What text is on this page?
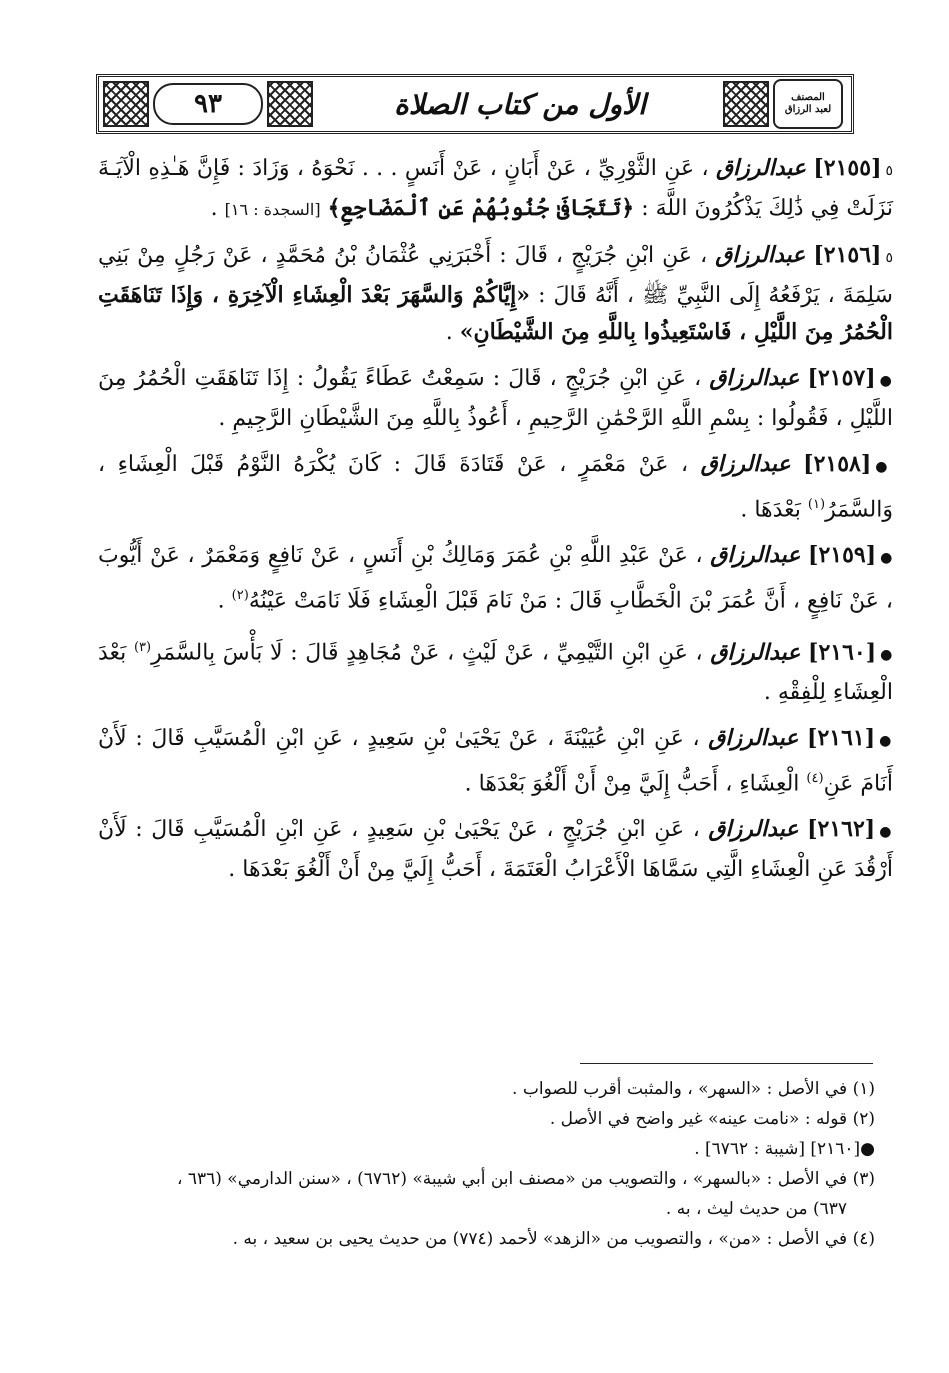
٩٣	الأول من كتاب الصلاة	المصنف
لعبد الرزاق

٥[٢١٥٥] عبدالرزاق ، عَنِ الثَّوْرِيِّ ، عَنْ أَبَانٍ ، عَنْ أَنَسٍ . . . نَحْوَهُ ، وَزَادَ : فَإِنَّ هَـٰذِهِ الْآيَـةَ نَزَلَتْ فِي ذَٰلِكَ يَذْكُرُونَ اللَّهَ : ﴿تَتَجَافَىٰ جُنُوبُهُمْ عَنِ ٱلْمَضَاجِعِ﴾ [السجدة : ١٦] .

٥[٢١٥٦] عبدالرزاق ، عَنِ ابْنِ جُرَيْجٍ ، قَالَ : أَخْبَرَنِي عُثْمَانُ بْنُ مُحَمَّدٍ ، عَنْ رَجُلٍ مِنْ بَنِي سَلِمَةَ ، يَرْفَعُهُ إِلَى النَّبِيِّ ﷺ ، أَنَّهُ قَالَ : «إِيَّاكُمْ وَالسَّهَرَ بَعْدَ الْعِشَاءِ الْآخِرَةِ ، وَإِذَا تَنَاهَقَتِ الْحُمُرُ مِنَ اللَّيْلِ ، فَاسْتَعِيذُوا بِاللَّهِ مِنَ الشَّيْطَانِ» .

●[٢١٥٧] عبدالرزاق ، عَنِ ابْنِ جُرَيْجٍ ، قَالَ : سَمِعْتُ عَطَاءً يَقُولُ : إِذَا تَنَاهَقَتِ الْحُمُرُ مِنَ اللَّيْلِ ، فَقُولُوا : بِسْمِ اللَّهِ الرَّحْمَٰنِ الرَّحِيمِ ، أَعُوذُ بِاللَّهِ مِنَ الشَّيْطَانِ الرَّجِيمِ .

●[٢١٥٨] عبدالرزاق ، عَنْ مَعْمَرٍ ، عَنْ قَتَادَةَ قَالَ : كَانَ يُكْرَهُ النَّوْمُ قَبْلَ الْعِشَاءِ ، وَالسَّمَرُ$^{(١)}$ بَعْدَهَا .

●[٢١٥٩] عبدالرزاق ، عَنْ عَبْدِ اللَّهِ بْنِ عُمَرَ وَمَالِكُ بْنِ أَنَسٍ ، عَنْ نَافِعٍ وَمَعْمَرٌ ، عَنْ أَيُّوبَ ، عَنْ نَافِعٍ ، أَنَّ عُمَرَ بْنَ الْخَطَّابِ قَالَ : مَنْ نَامَ قَبْلَ الْعِشَاءِ فَلَا نَامَتْ عَيْنُهُ$^{(٢)}$ .

●[٢١٦٠] عبدالرزاق ، عَنِ ابْنِ التَّيْمِيِّ ، عَنْ لَيْثٍ ، عَنْ مُجَاهِدٍ قَالَ : لَا بَأْسَ بِالسَّمَرِ$^{(٣)}$ بَعْدَ الْعِشَاءِ لِلْفِقْهِ .

●[٢١٦١] عبدالرزاق ، عَنِ ابْنِ عُيَيْنَةَ ، عَنْ يَحْيَىٰ بْنِ سَعِيدٍ ، عَنِ ابْنِ الْمُسَيَّبِ قَالَ : لَأَنْ أَنَامَ عَنِ$^{(٤)}$ الْعِشَاءِ ، أَحَبُّ إِلَيَّ مِنْ أَنْ أَلْغُوَ بَعْدَهَا .

●[٢١٦٢] عبدالرزاق ، عَنِ ابْنِ جُرَيْجٍ ، عَنْ يَحْيَىٰ بْنِ سَعِيدٍ ، عَنِ ابْنِ الْمُسَيَّبِ قَالَ : لَأَنْ أَرْقُدَ عَنِ الْعِشَاءِ الَّتِي سَمَّاهَا الْأَعْرَابُ الْعَتَمَةَ ، أَحَبُّ إِلَيَّ مِنْ أَنْ أَلْغُوَ بَعْدَهَا .

(١) في الأصل : «السهر» ، والمثبت أقرب للصواب .

(٢) قوله : «نامت عينه» غير واضح في الأصل .

●[٢١٦٠] [شيبة : ٦٧٦٢] .

(٣) في الأصل : «بالسهر» ، والتصويب من «مصنف ابن أبي شيبة» (٦٧٦٢) ، «سنن الدارمي» (٦٣٦ ،

٦٣٧) من حديث ليث ، به .

(٤) في الأصل : «من» ، والتصويب من «الزهد» لأحمد (٧٧٤) من حديث يحيى بن سعيد ، به .
